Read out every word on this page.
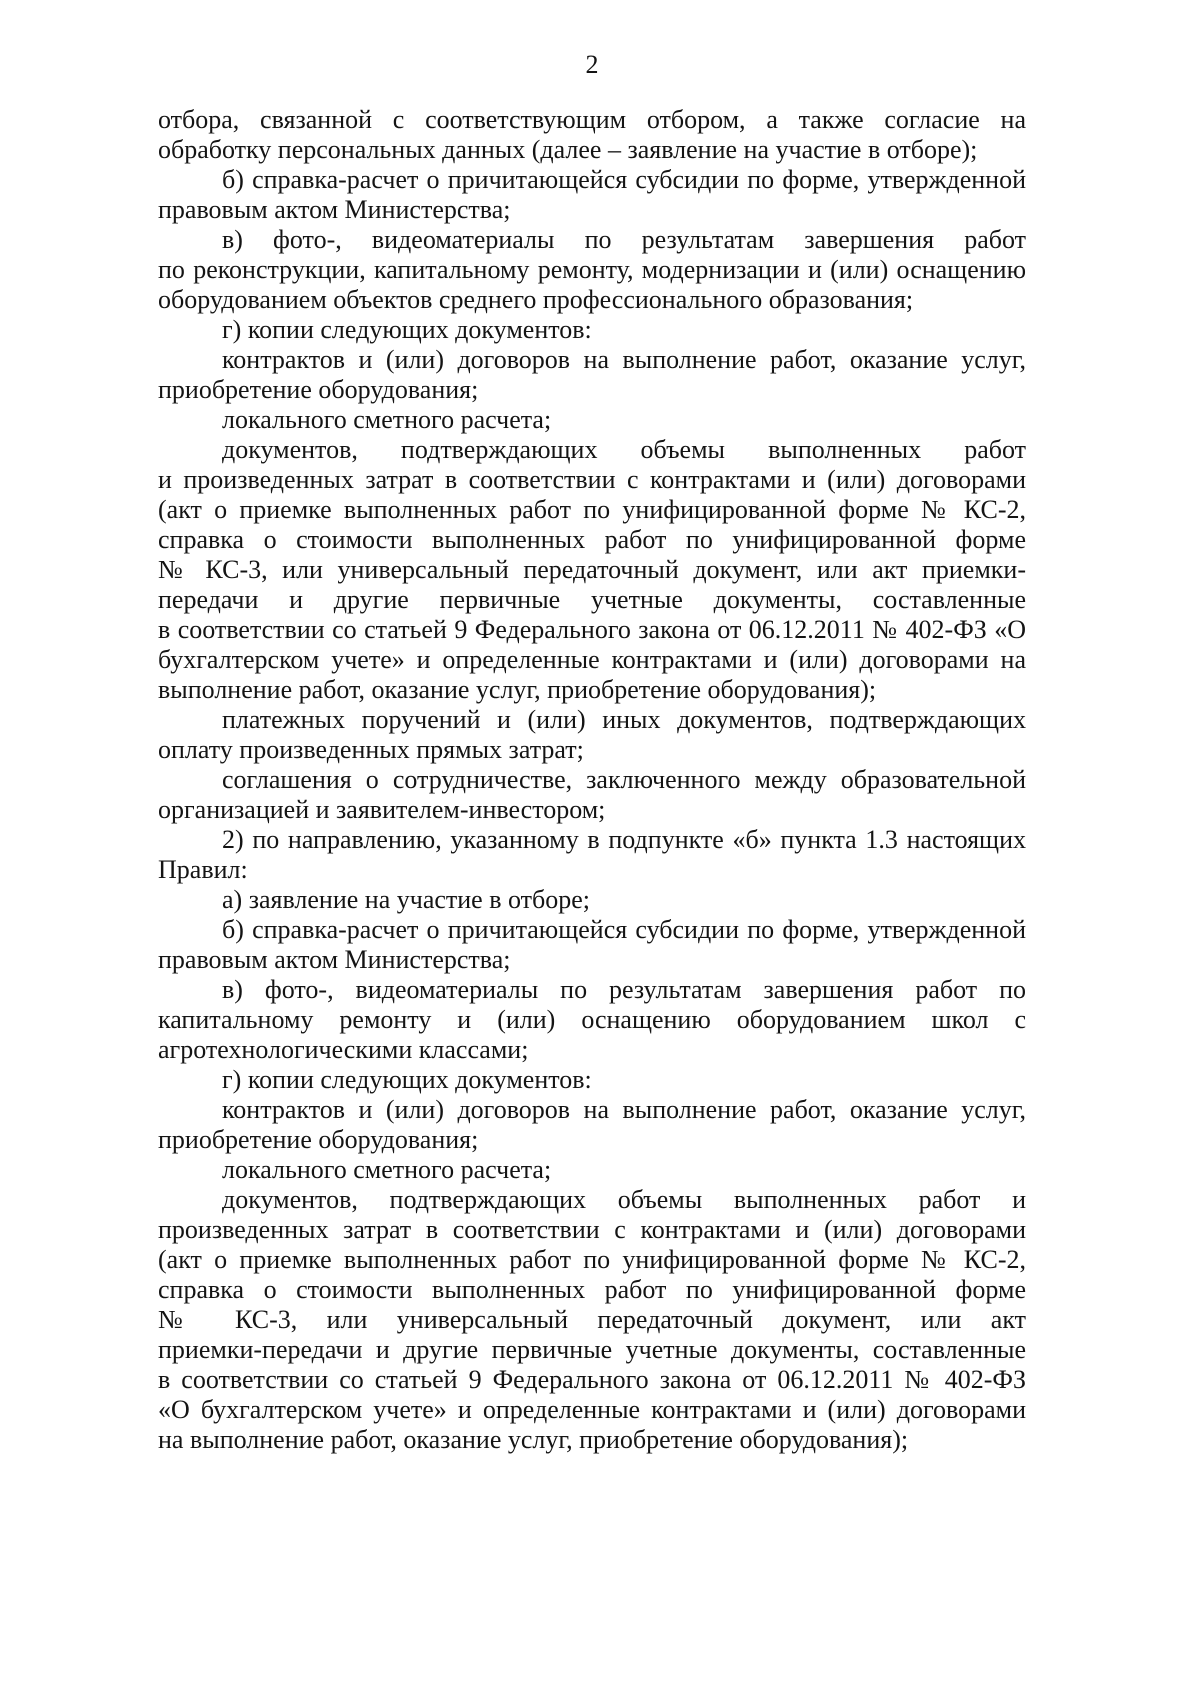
2
отбора, связанной с соответствующим отбором, а также согласие на
обработку персональных данных (далее – заявление на участие в отборе);
б) справка-расчет о причитающейся субсидии по форме, утвержденной
правовым актом Министерства;
в) фото-, видеоматериалы по результатам завершения работ
по реконструкции, капитальному ремонту, модернизации и (или) оснащению
оборудованием объектов среднего профессионального образования;
г) копии следующих документов:
контрактов и (или) договоров на выполнение работ, оказание услуг,
приобретение оборудования;
локального сметного расчета;
документов, подтверждающих объемы выполненных работ
и произведенных затрат в соответствии с контрактами и (или) договорами
(акт о приемке выполненных работ по унифицированной форме № КС-2,
справка о стоимости выполненных работ по унифицированной форме
№ КС-3, или универсальный передаточный документ, или акт приемки-
передачи и другие первичные учетные документы, составленные
в соответствии со статьей 9 Федерального закона от 06.12.2011 № 402-ФЗ «О
бухгалтерском учете» и определенные контрактами и (или) договорами на
выполнение работ, оказание услуг, приобретение оборудования);
платежных поручений и (или) иных документов, подтверждающих
оплату произведенных прямых затрат;
соглашения о сотрудничестве, заключенного между образовательной
организацией и заявителем-инвестором;
2) по направлению, указанному в подпункте «б» пункта 1.3 настоящих
Правил:
а) заявление на участие в отборе;
б) справка-расчет о причитающейся субсидии по форме, утвержденной
правовым актом Министерства;
в) фото-, видеоматериалы по результатам завершения работ по
капитальному ремонту и (или) оснащению оборудованием школ с
агротехнологическими классами;
г) копии следующих документов:
контрактов и (или) договоров на выполнение работ, оказание услуг,
приобретение оборудования;
локального сметного расчета;
документов, подтверждающих объемы выполненных работ и
произведенных затрат в соответствии с контрактами и (или) договорами
(акт о приемке выполненных работ по унифицированной форме № КС-2,
справка о стоимости выполненных работ по унифицированной форме
№ КС-3, или универсальный передаточный документ, или акт
приемки-передачи и другие первичные учетные документы, составленные
в соответствии со статьей 9 Федерального закона от 06.12.2011 № 402-ФЗ
«О бухгалтерском учете» и определенные контрактами и (или) договорами
на выполнение работ, оказание услуг, приобретение оборудования);
